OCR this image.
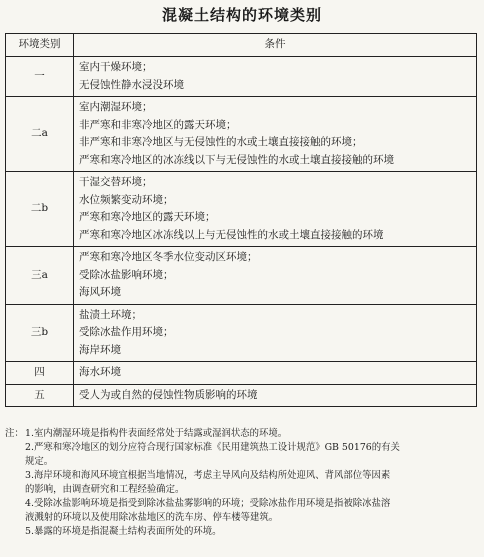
混凝土结构的环境类别
环境类别	条件
一	室内干燥环境；
无侵蚀性静水浸没环境

二a	室内潮湿环境；
非严寒和非寒冷地区的露天环境；
非严寒和非寒冷地区与无侵蚀性的水或土壤直接接触的环境；
严寒和寒冷地区的冰冻线以下与无侵蚀性的水或土壤直接接触的环境

二b	干湿交替环境；
水位频繁变动环境；
严寒和寒冷地区的露天环境；
严寒和寒冷地区冰冻线以上与无侵蚀性的水或土壤直接接触的环境

三a	严寒和寒冷地区冬季水位变动区环境；
受除冰盐影响环境；
海风环境

三b	盐渍土环境；
受除冰盐作用环境；
海岸环境

四	海水环境

五	受人为或自然的侵蚀性物质影响的环境
注： 1.室内潮湿环境是指构件表面经常处于结露或湿润状态的环境。
2.严寒和寒冷地区的划分应符合现行国家标准《民用建筑热工设计规范》GB 50176的有关
规定。
3.海岸环境和海风环境宜根据当地情况，考虑主导风向及结构所处迎风、背风部位等因素
的影响，由调查研究和工程经验确定。
4.受除冰盐影响环境是指受到除冰盐盐雾影响的环境；受除冰盐作用环境是指被除冰盐溶
液溅射的环境以及使用除冰盐地区的洗车房、停车楼等建筑。
5.暴露的环境是指混凝土结构表面所处的环境。
